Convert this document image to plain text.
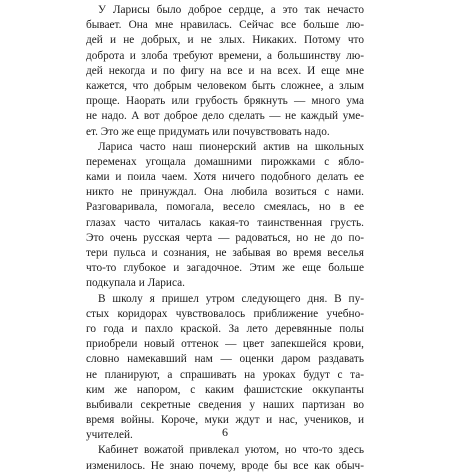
У Ларисы было доброе сердце, а это так нечасто
бывает. Она мне нравилась. Сейчас все больше лю-
дей и не добрых, и не злых. Никаких. Потому что
доброта и злоба требуют времени, а большинству лю-
дей некогда и по фигу на все и на всех. И еще мне
кажется, что добрым человеком быть сложнее, а злым
проще. Наорать или грубость брякнуть — много ума
не надо. А вот доброе дело сделать — не каждый уме-
ет. Это же еще придумать или почувствовать надо.
Лариса часто наш пионерский актив на школьных
переменах угощала домашними пирожками с ябло-
ками и поила чаем. Хотя ничего подобного делать ее
никто не принуждал. Она любила возиться с нами.
Разговаривала, помогала, весело смеялась, но в ее
глазах часто читалась какая-то таинственная грусть.
Это очень русская черта — радоваться, но не до по-
тери пульса и сознания, не забывая во время веселья
что-то глубокое и загадочное. Этим же еще больше
подкупала и Лариса.
В школу я пришел утром следующего дня. В пу-
стых коридорах чувствовалось приближение учебно-
го года и пахло краской. За лето деревянные полы
приобрели новый оттенок — цвет запекшейся крови,
словно намекавший нам — оценки даром раздавать
не планируют, а спрашивать на уроках будут с та-
ким же напором, с каким фашистские оккупанты
выбивали секретные сведения у наших партизан во
время войны. Короче, муки ждут и нас, учеников, и
учителей.
Кабинет вожатой привлекал уютом, но что-то здесь
изменилось. Не знаю почему, вроде бы все как обыч-
6
